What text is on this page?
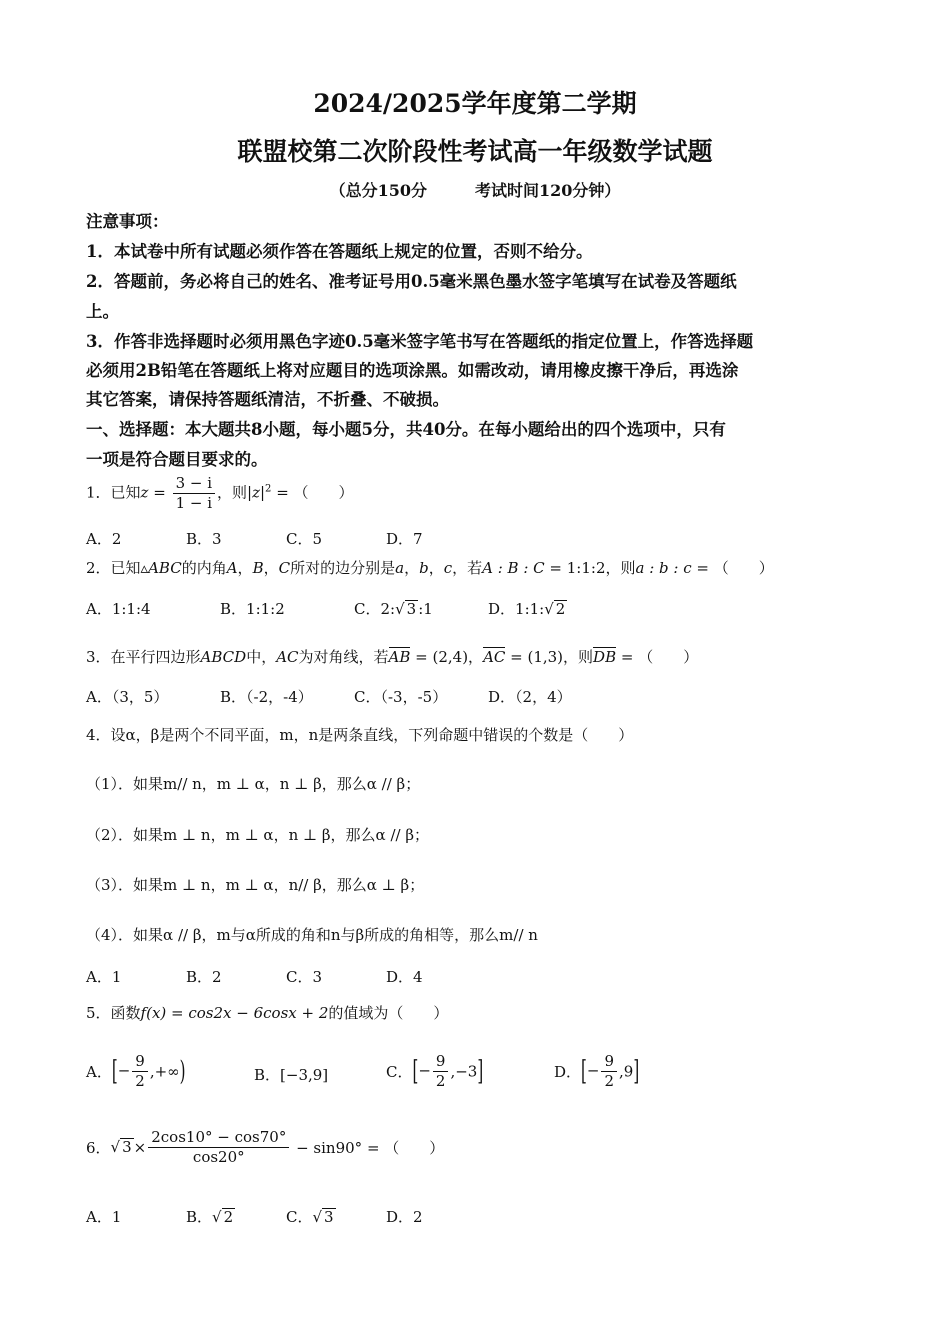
2024/2025学年度第二学期
联盟校第二次阶段性考试高一年级数学试题
（总分150分　　　考试时间120分钟）
注意事项：
1．本试卷中所有试题必须作答在答题纸上规定的位置，否则不给分。
2．答题前，务必将自己的姓名、准考证号用0.5毫米黑色墨水签字笔填写在试卷及答题纸
上。
3．作答非选择题时必须用黑色字迹0.5毫米签字笔书写在答题纸的指定位置上，作答选择题
必须用2B铅笔在答题纸上将对应题目的选项涂黑。如需改动，请用橡皮擦干净后，再选涂
其它答案，请保持答题纸清洁，不折叠、不破损。
一、选择题：本大题共8小题，每小题5分，共40分。在每小题给出的四个选项中，只有
一项是符合题目要求的。
1．已知$z = \frac{3 - i}{1 - i}$ ，则$|z|^2$ = （　　）
A．2	B．3	C．5	D．7
2．已知▵ABC的内角A，B，C所对的边分别是a，b，c，若A : B : C = 1:1:2，则a : b : c = （　　）
A．1:1:4	B．1:1:2	C．2:√ 3 :1	D．1:1:√ 2
3．在平行四边形ABCD中，AC为对角线，若AB = (2,4)，AC = (1,3)，则DB = （　　）
A．（3，5）	B．（-2，-4）	C．（-3，-5）	D．（2，4）
4．设α，β是两个不同平面，m，n是两条直线，下列命题中错误的个数是（　　）
（1）．如果m// n，m ⊥ α，n ⊥ β，那么α // β；
（2）．如果m ⊥ n，m ⊥ α，n ⊥ β，那么α // β；
（3）．如果m ⊥ n，m ⊥ α，n// β，那么α ⊥ β；
（4）．如果α // β，m与α所成的角和n与β所成的角相等，那么m// n
A．1	B．2	C．3	D．4
5．函数f(x) = cos2x − 6cosx + 2的值域为（　　）
A．[− $\frac{9}{2}$ ,+∞)	B．[−3,9]	C．[− $\frac{9}{2} ,-3$]	D．[− $\frac{9}{2} ,9$]
6．√ $3 \times \frac{2\cos 10^\circ - \cos 70^\circ}{\cos 20^\circ} - \sin 90^\circ$ = （　　）
A．1	B．√ 2	C．√ 3	D．2
